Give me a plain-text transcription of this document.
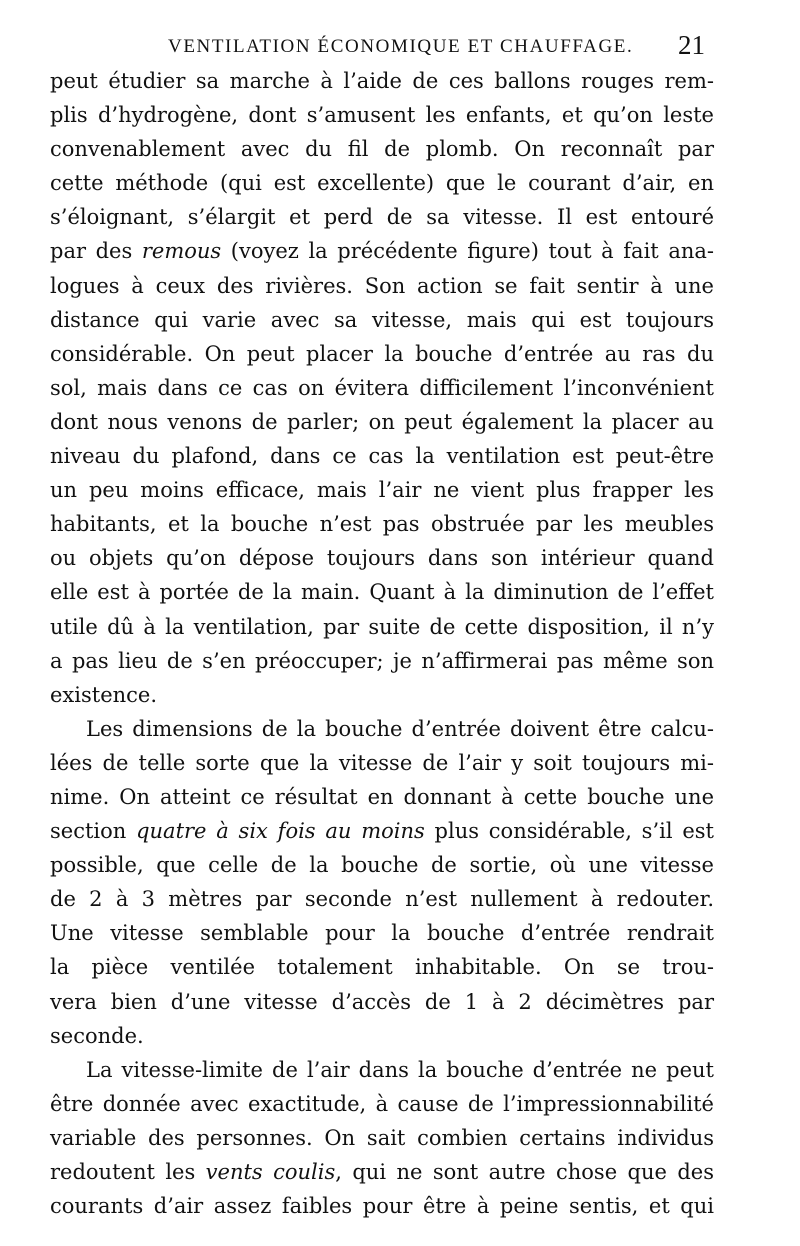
VENTILATION ÉCONOMIQUE ET CHAUFFAGE. 21
peut étudier sa marche à l’aide de ces ballons rouges rem-
plis d’hydrogène, dont s’amusent les enfants, et qu’on leste
convenablement avec du fil de plomb. On reconnaît par
cette méthode (qui est excellente) que le courant d’air, en
s’éloignant, s’élargit et perd de sa vitesse. Il est entouré
par des remous (voyez la précédente figure) tout à fait ana-
logues à ceux des rivières. Son action se fait sentir à une
distance qui varie avec sa vitesse, mais qui est toujours
considérable. On peut placer la bouche d’entrée au ras du
sol, mais dans ce cas on évitera difficilement l’inconvénient
dont nous venons de parler; on peut également la placer au
niveau du plafond, dans ce cas la ventilation est peut-être
un peu moins efficace, mais l’air ne vient plus frapper les
habitants, et la bouche n’est pas obstruée par les meubles
ou objets qu’on dépose toujours dans son intérieur quand
elle est à portée de la main. Quant à la diminution de l’effet
utile dû à la ventilation, par suite de cette disposition, il n’y
a pas lieu de s’en préoccuper; je n’affirmerai pas même son
existence.
Les dimensions de la bouche d’entrée doivent être calcu-
lées de telle sorte que la vitesse de l’air y soit toujours mi-
nime. On atteint ce résultat en donnant à cette bouche une
section quatre à six fois au moins plus considérable, s’il est
possible, que celle de la bouche de sortie, où une vitesse
de 2 à 3 mètres par seconde n’est nullement à redouter.
Une vitesse semblable pour la bouche d’entrée rendrait
la pièce ventilée totalement inhabitable. On se trou-
vera bien d’une vitesse d’accès de 1 à 2 décimètres par
seconde.
La vitesse-limite de l’air dans la bouche d’entrée ne peut
être donnée avec exactitude, à cause de l’impressionnabilité
variable des personnes. On sait combien certains individus
redoutent les vents coulis, qui ne sont autre chose que des
courants d’air assez faibles pour être à peine sentis, et qui
